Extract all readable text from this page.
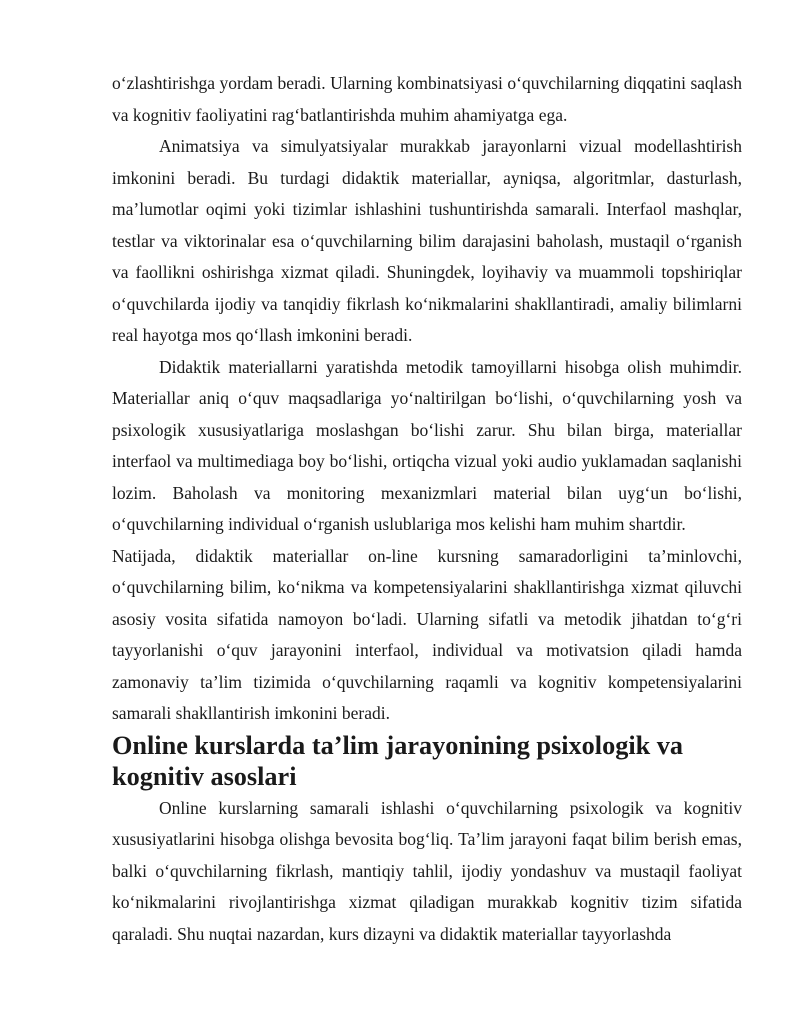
o‘zlashtirishga yordam beradi. Ularning kombinatsiyasi o‘quvchilarning diqqatini saqlash va kognitiv faoliyatini rag‘batlantirishda muhim ahamiyatga ega.

Animatsiya va simulyatsiyalar murakkab jarayonlarni vizual modellashtirish imkonini beradi. Bu turdagi didaktik materiallar, ayniqsa, algoritmlar, dasturlash, ma’lumotlar oqimi yoki tizimlar ishlashini tushuntirishda samarali. Interfaol mashqlar, testlar va viktorinalar esa o‘quvchilarning bilim darajasini baholash, mustaqil o‘rganish va faollikni oshirishga xizmat qiladi. Shuningdek, loyihaviy va muammoli topshiriqlar o‘quvchilarda ijodiy va tanqidiy fikrlash ko‘nikmalarini shakllantiradi, amaliy bilimlarni real hayotga mos qo‘llash imkonini beradi.

Didaktik materiallarni yaratishda metodik tamoyillarni hisobga olish muhimdir. Materiallar aniq o‘quv maqsadlariga yo‘naltirilgan bo‘lishi, o‘quvchilarning yosh va psixologik xususiyatlariga moslashgan bo‘lishi zarur. Shu bilan birga, materiallar interfaol va multimediaga boy bo‘lishi, ortiqcha vizual yoki audio yuklamadan saqlanishi lozim. Baholash va monitoring mexanizmlari material bilan uyg‘un bo‘lishi, o‘quvchilarning individual o‘rganish uslublariga mos kelishi ham muhim shartdir.

Natijada, didaktik materiallar on-line kursning samaradorligini ta’minlovchi, o‘quvchilarning bilim, ko‘nikma va kompetensiyalarini shakllantirishga xizmat qiluvchi asosiy vosita sifatida namoyon bo‘ladi. Ularning sifatli va metodik jihatdan to‘g‘ri tayyorlanishi o‘quv jarayonini interfaol, individual va motivatsion qiladi hamda zamonaviy ta’lim tizimida o‘quvchilarning raqamli va kognitiv kompetensiyalarini samarali shakllantirish imkonini beradi.

Online kurslarda ta’lim jarayonining psixologik va kognitiv asoslari

Online kurslarning samarali ishlashi o‘quvchilarning psixologik va kognitiv xususiyatlarini hisobga olishga bevosita bog‘liq. Ta’lim jarayoni faqat bilim berish emas, balki o‘quvchilarning fikrlash, mantiqiy tahlil, ijodiy yondashuv va mustaqil faoliyat ko‘nikmalarini rivojlantirishga xizmat qiladigan murakkab kognitiv tizim sifatida qaraladi. Shu nuqtai nazardan, kurs dizayni va didaktik materiallar tayyorlashda
